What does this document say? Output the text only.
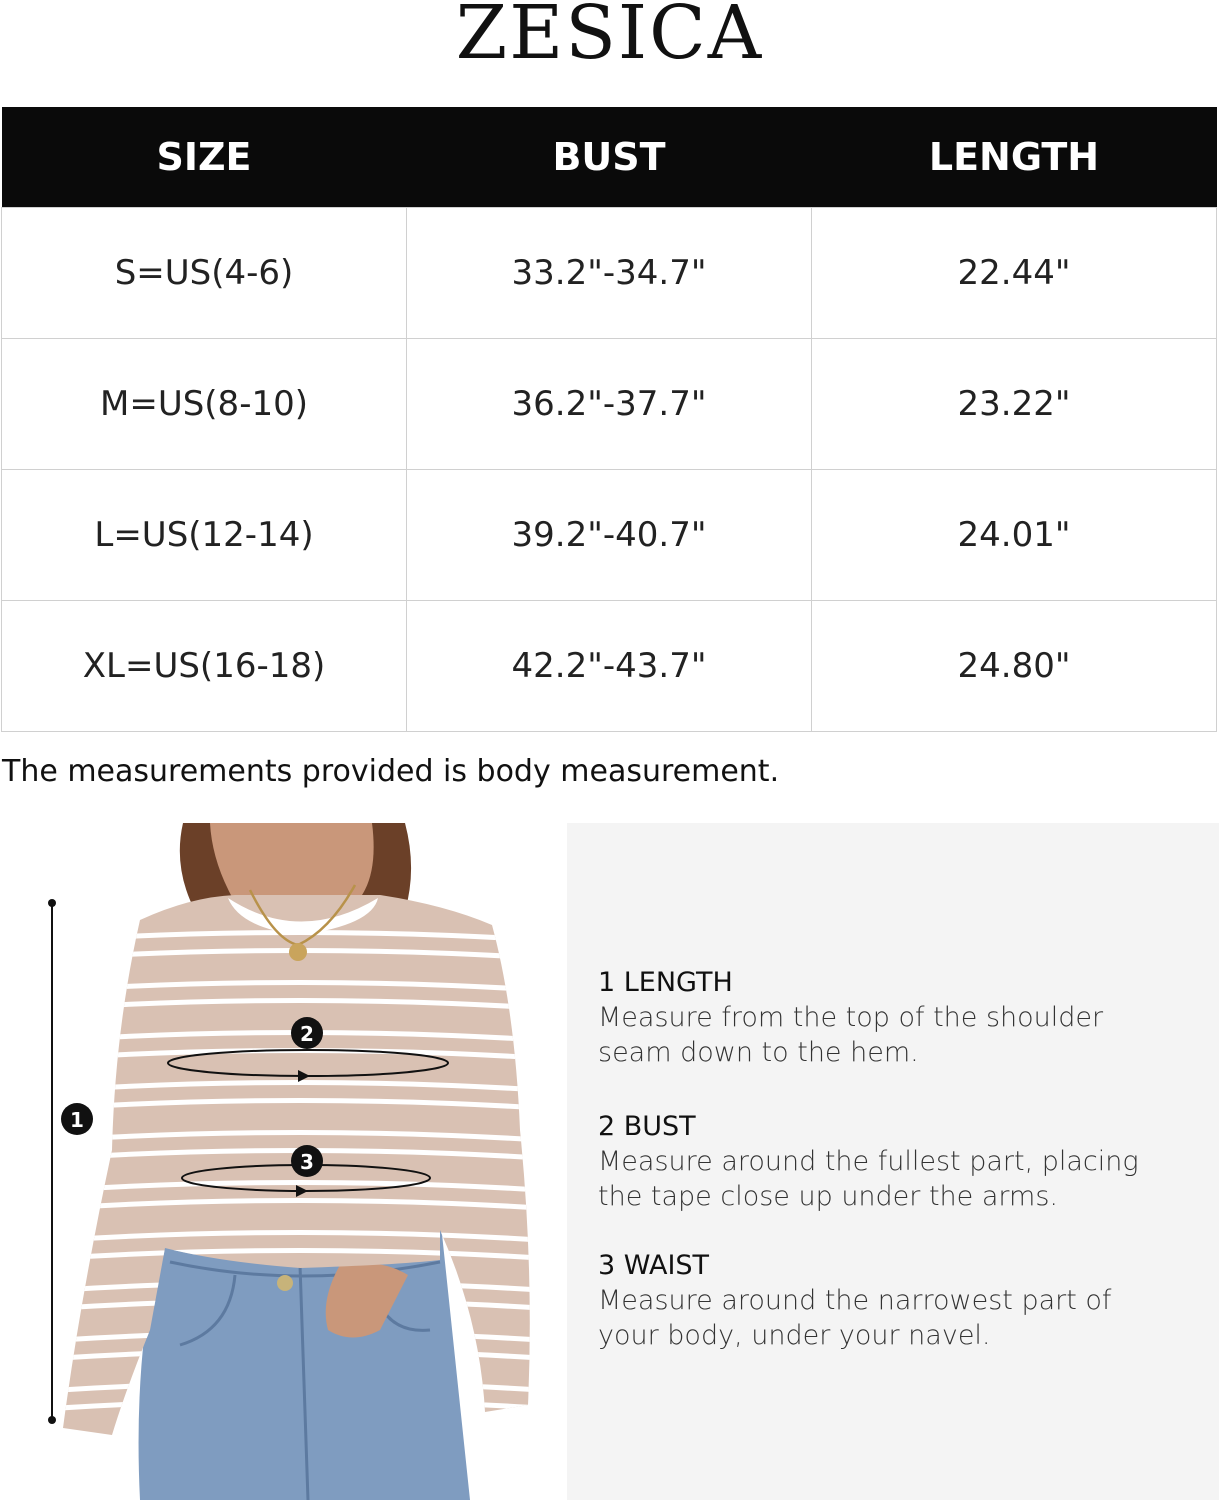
ZESICA
SIZE	BUST	LENGTH
S=US(4-6)	33.2"-34.7"	22.44"
M=US(8-10)	36.2"-37.7"	23.22"
L=US(12-14)	39.2"-40.7"	24.01"
XL=US(16-18)	42.2"-43.7"	24.80"
The measurements provided is body measurement.
1
2
3
1 LENGTH
Measure from the top of the shoulder
seam down to the hem.
2 BUST
Measure around the fullest part, placing
the tape close up under the arms.
3 WAIST
Measure around the narrowest part of
your body, under your navel.
